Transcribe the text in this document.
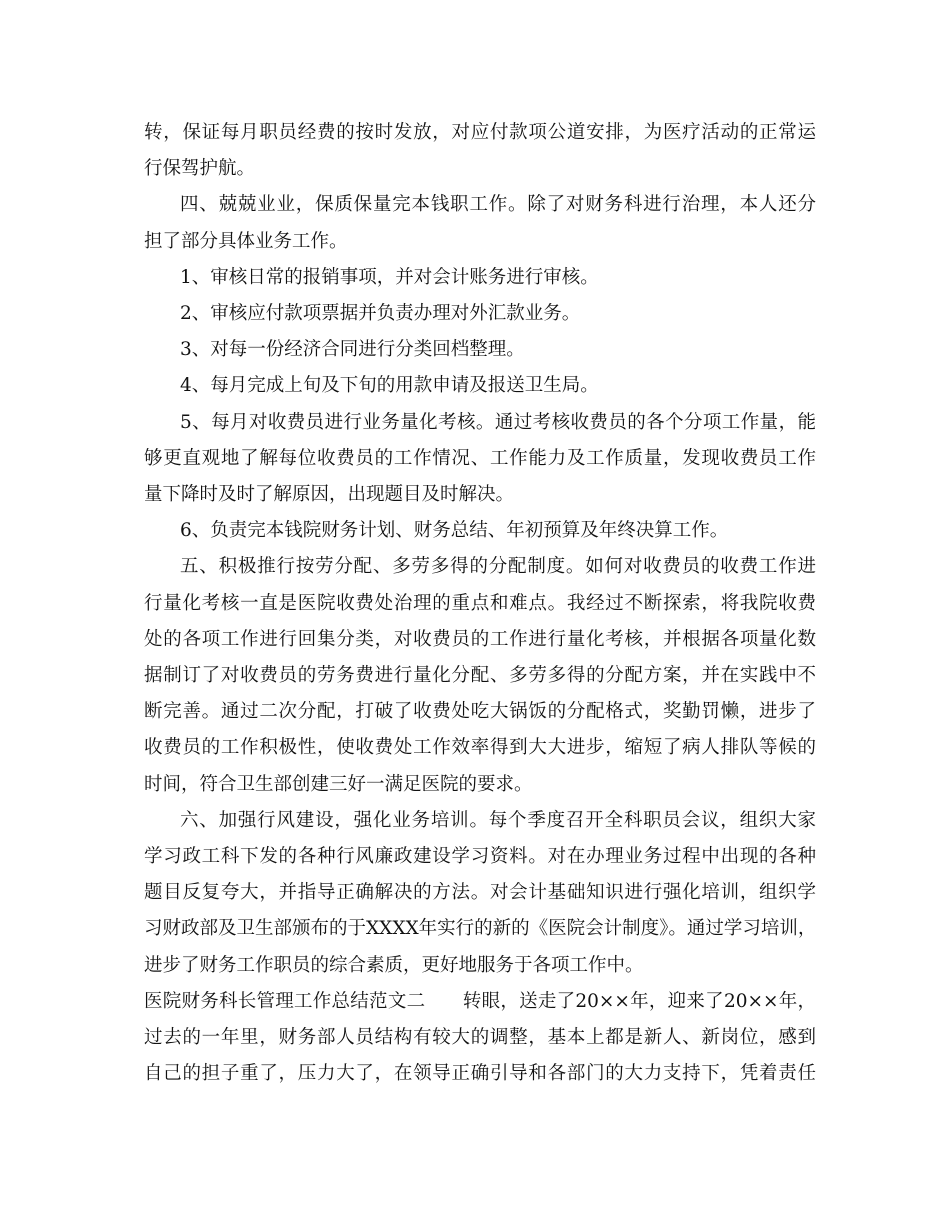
转，保证每月职员经费的按时发放，对应付款项公道安排，为医疗活动的正常运
行保驾护航。
四、兢兢业业，保质保量完本钱职工作。除了对财务科进行治理，本人还分
担了部分具体业务工作。
1、审核日常的报销事项，并对会计账务进行审核。
2、审核应付款项票据并负责办理对外汇款业务。
3、对每一份经济合同进行分类回档整理。
4、每月完成上旬及下旬的用款申请及报送卫生局。
5、每月对收费员进行业务量化考核。通过考核收费员的各个分项工作量，能
够更直观地了解每位收费员的工作情况、工作能力及工作质量，发现收费员工作
量下降时及时了解原因，出现题目及时解决。
6、负责完本钱院财务计划、财务总结、年初预算及年终决算工作。
五、积极推行按劳分配、多劳多得的分配制度。如何对收费员的收费工作进
行量化考核一直是医院收费处治理的重点和难点。我经过不断探索，将我院收费
处的各项工作进行回集分类，对收费员的工作进行量化考核，并根据各项量化数
据制订了对收费员的劳务费进行量化分配、多劳多得的分配方案，并在实践中不
断完善。通过二次分配，打破了收费处吃大锅饭的分配格式，奖勤罚懒，进步了
收费员的工作积极性，使收费处工作效率得到大大进步，缩短了病人排队等候的
时间，符合卫生部创建三好一满足医院的要求。
六、加强行风建设，强化业务培训。每个季度召开全科职员会议，组织大家
学习政工科下发的各种行风廉政建设学习资料。对在办理业务过程中出现的各种
题目反复夸大，并指导正确解决的方法。对会计基础知识进行强化培训，组织学
习财政部及卫生部颁布的于XXXX年实行的新的《医院会计制度》。通过学习培训，
进步了财务工作职员的综合素质，更好地服务于各项工作中。
医院财务科长管理工作总结范文二　　转眼，送走了20××年，迎来了20××年，
过去的一年里，财务部人员结构有较大的调整，基本上都是新人、新岗位，感到
自己的担子重了，压力大了，在领导正确引导和各部门的大力支持下，凭着责任
